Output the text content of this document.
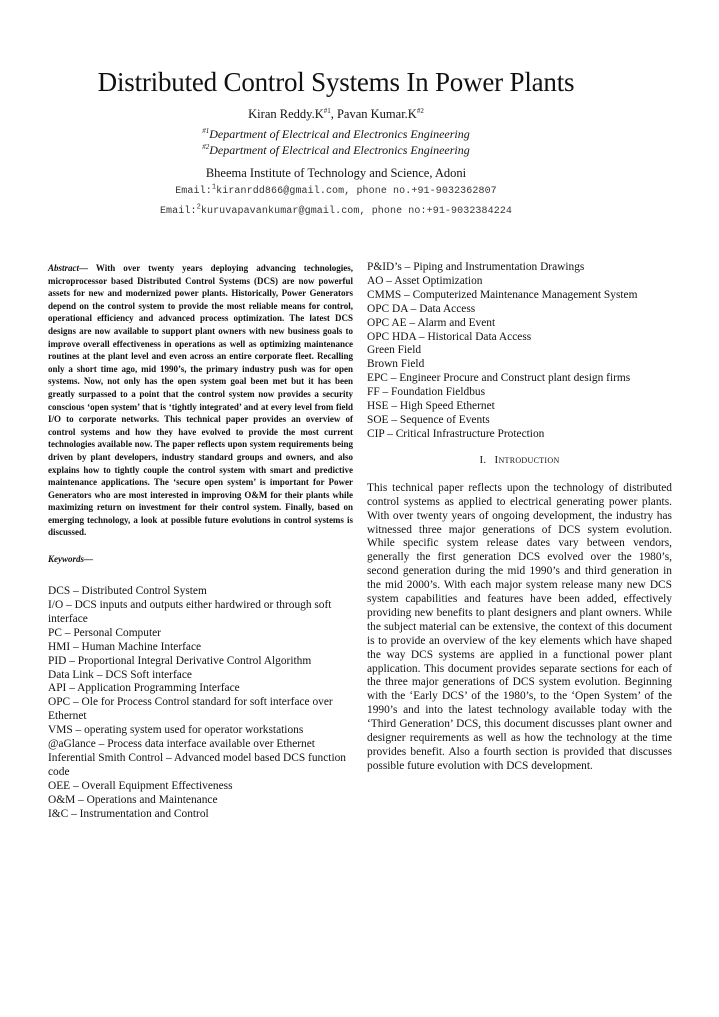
Distributed Control Systems In Power Plants
Kiran $Reddy.K^{\#1}$, Pavan $Kumar.K^{\#2}$
$^{\#1}$Department of Electrical and Electronics Engineering
$^{\#2}$Department of Electrical and Electronics Engineering
Bheema Institute of Technology and Science, Adoni
Email:$^1$kiranrdd866@gmail.com, phone no.+91-9032362807
Email:$^2$kuruvapavankumar@gmail.com, phone no:+91-9032384224

Abstract— With over twenty years deploying advancing technologies, microprocessor based Distributed Control Systems (DCS) are now powerful assets for new and modernized power plants. Historically, Power Generators depend on the control system to provide the most reliable means for control, operational efficiency and advanced process optimization. The latest DCS designs are now available to support plant owners with new business goals to improve overall effectiveness in operations as well as optimizing maintenance routines at the plant level and even across an entire corporate fleet. Recalling only a short time ago, mid 1990’s, the primary industry push was for open systems. Now, not only has the open system goal been met but it has been greatly surpassed to a point that the control system now provides a security conscious ‘open system’ that is ‘tightly integrated’ and at every level from field I/O to corporate networks. This technical paper provides an overview of control systems and how they have evolved to provide the most current technologies available now. The paper reflects upon system requirements being driven by plant developers, industry standard groups and owners, and also explains how to tightly couple the control system with smart and predictive maintenance applications. The ‘secure open system’ is important for Power Generators who are most interested in improving O&M for their plants while maximizing return on investment for their control system. Finally, based on emerging technology, a look at possible future evolutions in control systems is discussed.

Keywords—

DCS – Distributed Control System
I/O – DCS inputs and outputs either hardwired or through soft interface
PC – Personal Computer
HMI – Human Machine Interface
PID – Proportional Integral Derivative Control Algorithm
Data Link – DCS Soft interface
API – Application Programming Interface
OPC – Ole for Process Control standard for soft interface over Ethernet
VMS – operating system used for operator workstations
@aGlance – Process data interface available over Ethernet
Inferential Smith Control – Advanced model based DCS function code
OEE – Overall Equipment Effectiveness
O&M – Operations and Maintenance
I&C – Instrumentation and Control
P&ID’s – Piping and Instrumentation Drawings
AO – Asset Optimization
CMMS – Computerized Maintenance Management System
OPC DA – Data Access
OPC AE – Alarm and Event
OPC HDA – Historical Data Access
Green Field
Brown Field
EPC – Engineer Procure and Construct plant design firms
FF – Foundation Fieldbus
HSE – High Speed Ethernet
SOE – Sequence of Events
CIP – Critical Infrastructure Protection
I. INTRODUCTION

This technical paper reflects upon the technology of distributed control systems as applied to electrical generating power plants. With over twenty years of ongoing development, the industry has witnessed three major generations of DCS system evolution. While specific system release dates vary between vendors, generally the first generation DCS evolved over the 1980’s, second generation during the mid 1990’s and third generation in the mid 2000’s. With each major system release many new DCS system capabilities and features have been added, effectively providing new benefits to plant designers and plant owners. While the subject material can be extensive, the context of this document is to provide an overview of the key elements which have shaped the way DCS systems are applied in a functional power plant application. This document provides separate sections for each of the three major generations of DCS system evolution. Beginning with the ‘Early DCS’ of the 1980’s, to the ‘Open System’ of the 1990’s and into the latest technology available today with the ‘Third Generation’ DCS, this document discusses plant owner and designer requirements as well as how the technology at the time provides benefit. Also a fourth section is provided that discusses possible future evolution with DCS development.
